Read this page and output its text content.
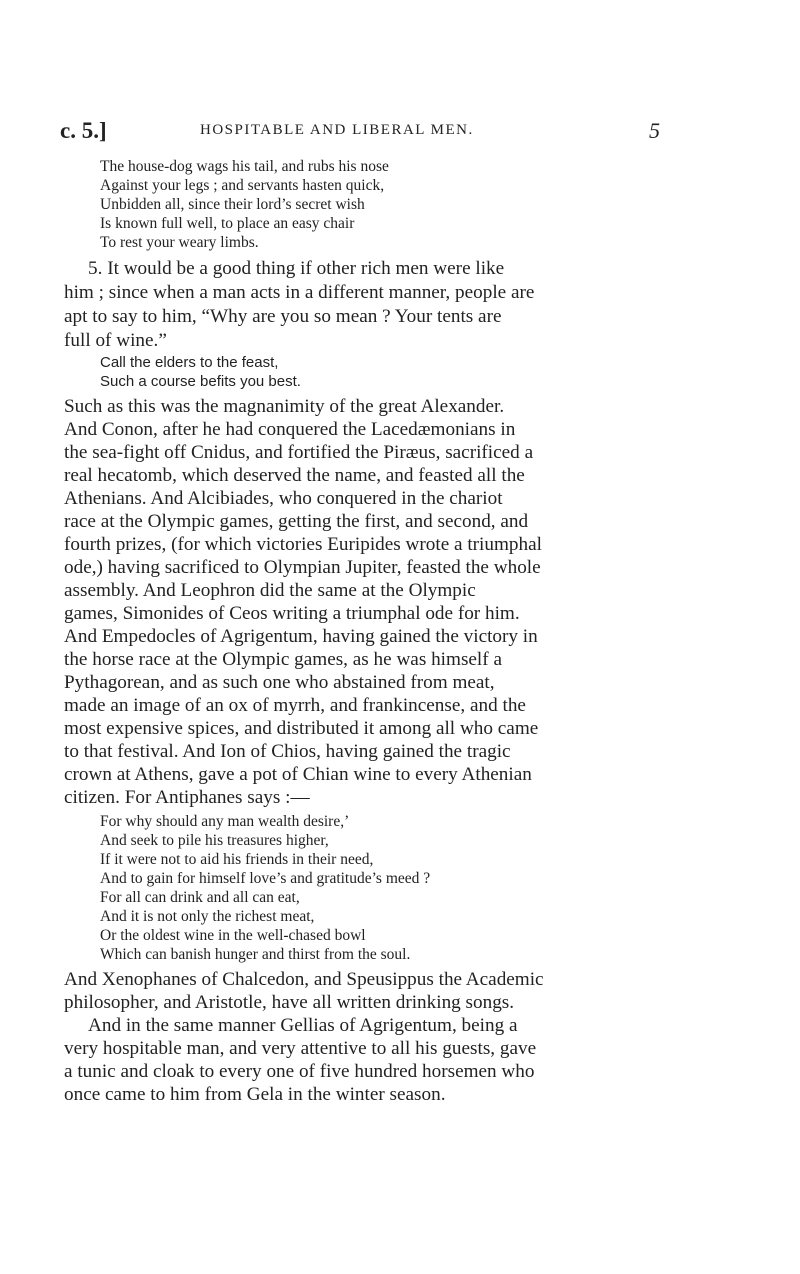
c. 5.]	HOSPITABLE AND LIBERAL MEN.	5
The house-dog wags his tail, and rubs his nose
Against your legs ; and servants hasten quick,
Unbidden all, since their lord’s secret wish
Is known full well, to place an easy chair
To rest your weary limbs.
5. It would be a good thing if other rich men were like
him ; since when a man acts in a different manner, people are
apt to say to him, “Why are you so mean ? Your tents are
full of wine.”
Call the elders to the feast,
Such a course befits you best.
Such as this was the magnanimity of the great Alexander.
And Conon, after he had conquered the Lacedæmonians in
the sea-fight off Cnidus, and fortified the Piræus, sacrificed a
real hecatomb, which deserved the name, and feasted all the
Athenians. And Alcibiades, who conquered in the chariot
race at the Olympic games, getting the first, and second, and
fourth prizes, (for which victories Euripides wrote a triumphal
ode,) having sacrificed to Olympian Jupiter, feasted the whole
assembly. And Leophron did the same at the Olympic
games, Simonides of Ceos writing a triumphal ode for him.
And Empedocles of Agrigentum, having gained the victory in
the horse race at the Olympic games, as he was himself a
Pythagorean, and as such one who abstained from meat,
made an image of an ox of myrrh, and frankincense, and the
most expensive spices, and distributed it among all who came
to that festival. And Ion of Chios, having gained the tragic
crown at Athens, gave a pot of Chian wine to every Athenian
citizen. For Antiphanes says :—
For why should any man wealth desire,’
And seek to pile his treasures higher,
If it were not to aid his friends in their need,
And to gain for himself love’s and gratitude’s meed ?
For all can drink and all can eat,
And it is not only the richest meat,
Or the oldest wine in the well-chased bowl
Which can banish hunger and thirst from the soul.
And Xenophanes of Chalcedon, and Speusippus the Academic
philosopher, and Aristotle, have all written drinking songs.
And in the same manner Gellias of Agrigentum, being a
very hospitable man, and very attentive to all his guests, gave
a tunic and cloak to every one of five hundred horsemen who
once came to him from Gela in the winter season.
